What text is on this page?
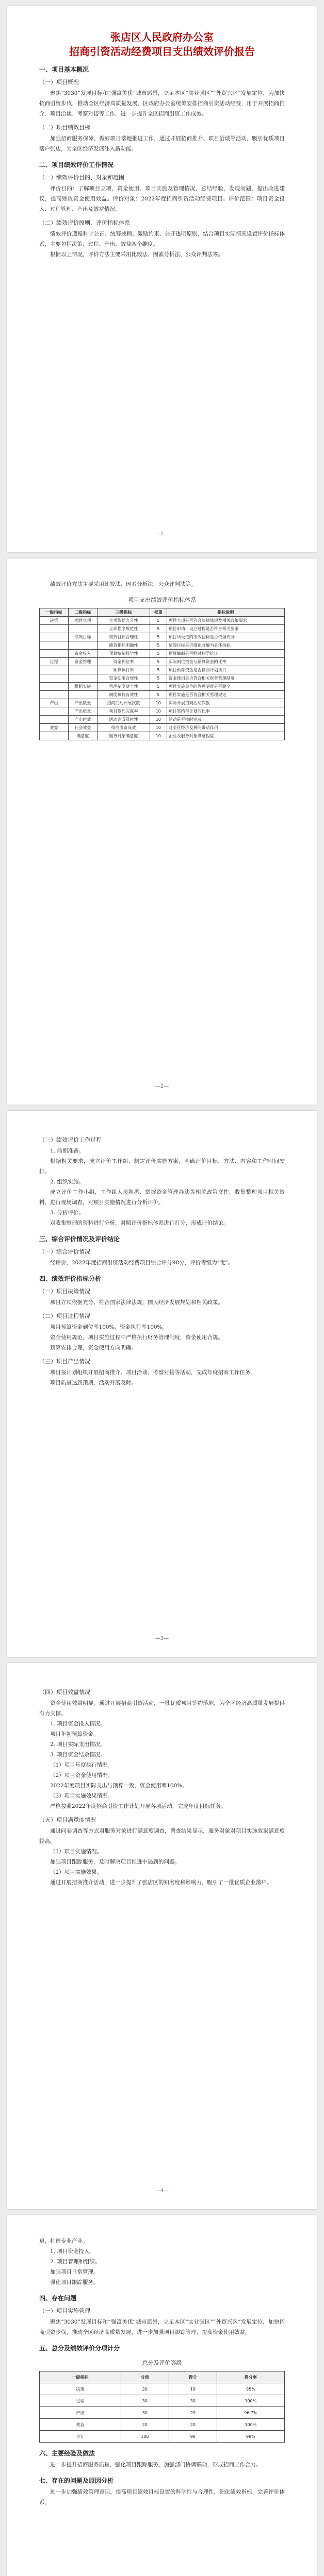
张店区人民政府办公室
招商引资活动经费项目支出绩效评价报告
一、项目基本概况
（一）项目概况

聚焦“3030”发展目标和“强富美优”城市愿景，立足本区“实业强区”“外贸兴区”发展定位，为加快招商引资步伐，推动全区经济高质量发展，区政府办公室统筹安排招商引资活动经费，用于开展招商推介、项目洽谈、考察对接等工作，进一步提升全区招商引资工作成效。

（二）项目绩效目标

加强招商服务保障，做好项目落地推进工作，通过开展招商推介、项目洽谈等活动，吸引优质项目落户张店，为全区经济发展注入新动能。

二、项目绩效评价工作情况
（一）绩效评价目的、对象和范围

评价目的：了解项目立项、资金使用、项目实施及管理情况，总结经验，发现问题，提出改进建议，提高财政资金使用效益。评价对象：2022年度招商引资活动经费项目。评价范围：项目资金投入、过程管理、产出及效益情况。

（二）绩效评价原则、评价指标体系

绩效评价遵循科学公正、统筹兼顾、激励约束、公开透明原则，结合项目实际情况设置评价指标体系，主要包括决策、过程、产出、效益四个维度。

根据以上情况，评价方法主要采用比较法、因素分析法、公众评判法等。

—1—

绩效评价方法主要采用比较法、因素分析法、公众评判法等。

项目支出绩效评价指标体系
一级指标	二级指标	三级指标	权重	指标说明
决策	项目立项	立项依据充分性	5	项目立项是否符合法律法规及相关政策要求
		立项程序规范性	5	项目申请、设立过程是否符合相关要求
	绩效目标	绩效目标合理性	5	项目所设定的绩效目标是否依据充分
		绩效指标明确性	5	绩效目标是否细化分解为具体指标
	资金投入	预算编制科学性	5	预算编制是否经过科学论证
过程	资金管理	资金到位率	5	实际到位资金与预算资金的比率
		预算执行率	5	项目预算资金是否按照计划执行
		资金使用合规性	5	资金使用是否符合相关财务管理制度
	组织实施	管理制度健全性	5	项目实施单位的管理制度是否健全
		制度执行有效性	5	项目实施是否符合相关管理规定
产出	产出数量	招商活动开展次数	10	实际开展招商活动次数
	产出质量	项目签约完成率	10	项目签约与计划的比率
	产出时效	活动完成及时性	10	活动是否按时完成
效益	社会效益	招商引资成效	10	对全区经济发展的带动作用
	满意度	服务对象满意度	10	企业及服务对象满意程度
—2—
（三）绩效评价工作过程

1. 前期准备。

根据相关要求，成立评价工作组，制定评价实施方案，明确评价目标、方法、内容和工作时间安排。

2. 组织实施。

成立评价工作小组，工作组人员熟悉、掌握资金管理办法等相关政策文件，收集整理项目相关资料，进行现场调查，对项目实施情况进行分析评价。

3. 分析评价。

对收集整理的资料进行分析，对照评价指标体系进行打分，形成评价结论。

三、综合评价情况及评价结论
（一）综合评价情况

经评价，2022年度招商引资活动经费项目综合评分98分，评价等级为“优”。

四、绩效评价指标分析
（一）项目决策情况

项目立项依据充分，符合国家法律法规、国民经济发展规划和相关政策。

（二）项目过程情况

项目预算资金到位率100%，资金执行率100%。

资金使用规范，项目实施过程中严格执行财务管理制度，资金使用合规。

预算安排合理，资金使用方向明确。

（三）项目产出情况

项目按计划组织开展招商推介、项目洽谈、考察对接等活动，完成年度招商工作任务。

项目质量达到预期，活动开展及时。

—3—
（四）项目效益情况

资金使用效益明显。通过开展招商引资活动，一批优质项目签约落地，为全区经济高质量发展提供有力支撑。

1. 项目资金投入情况。

项目年初预算资金。

2. 项目实际支出情况。

3. 项目资金结余情况。

（1）项目年度执行情况。

（2）项目资金使用情况。

2022年度项目实际支出与预算一致，资金使用率100%。

（3）项目实施效果情况。

严格按照2022年度招商引资工作计划开展各项活动，完成年度目标任务。

（五）项目满意度情况

通过问卷调查等方式对服务对象进行满意度调查，调查结果显示，服务对象对项目实施效果满意度较高。

（1）项目实施情况。

加强项目跟踪服务，及时解决项目推进中遇到的问题。

（2）项目实施效果。

通过开展招商推介活动，进一步提升了张店区的知名度和影响力，吸引了一批优质企业落户。

—4—

更，打造专业产业。

1. 项目资金投入。

2. 项目管理和组织。

加强项目日常管理。

强化项目跟踪服务。

四、存在问题
（一）项目实施管理

聚焦“3030”发展目标和“强富美优”城市愿景，立足本区“实业强区”“外贸兴区”发展定位，加快招商引资步伐，推动全区经济高质量发展，进一步加强项目跟踪管理，提高资金使用效益。

五、总分及绩效评价分项计分
总分及评价等级
一级指标	分值	得分	得分率
决策	20	19	95%
过程	30	30	100%
产出	30	29	96.7%
效益	20	20	100%
合计	100	98	98%
六、主要经验及做法

进一步提升招商服务质量，强化项目跟踪服务，加强部门协调联动，形成招商工作合力。

七、存在的问题及原因分析

进一步加强绩效管理意识，提高项目绩效目标设置的科学性与合理性，细化绩效指标，完善评价体系。
